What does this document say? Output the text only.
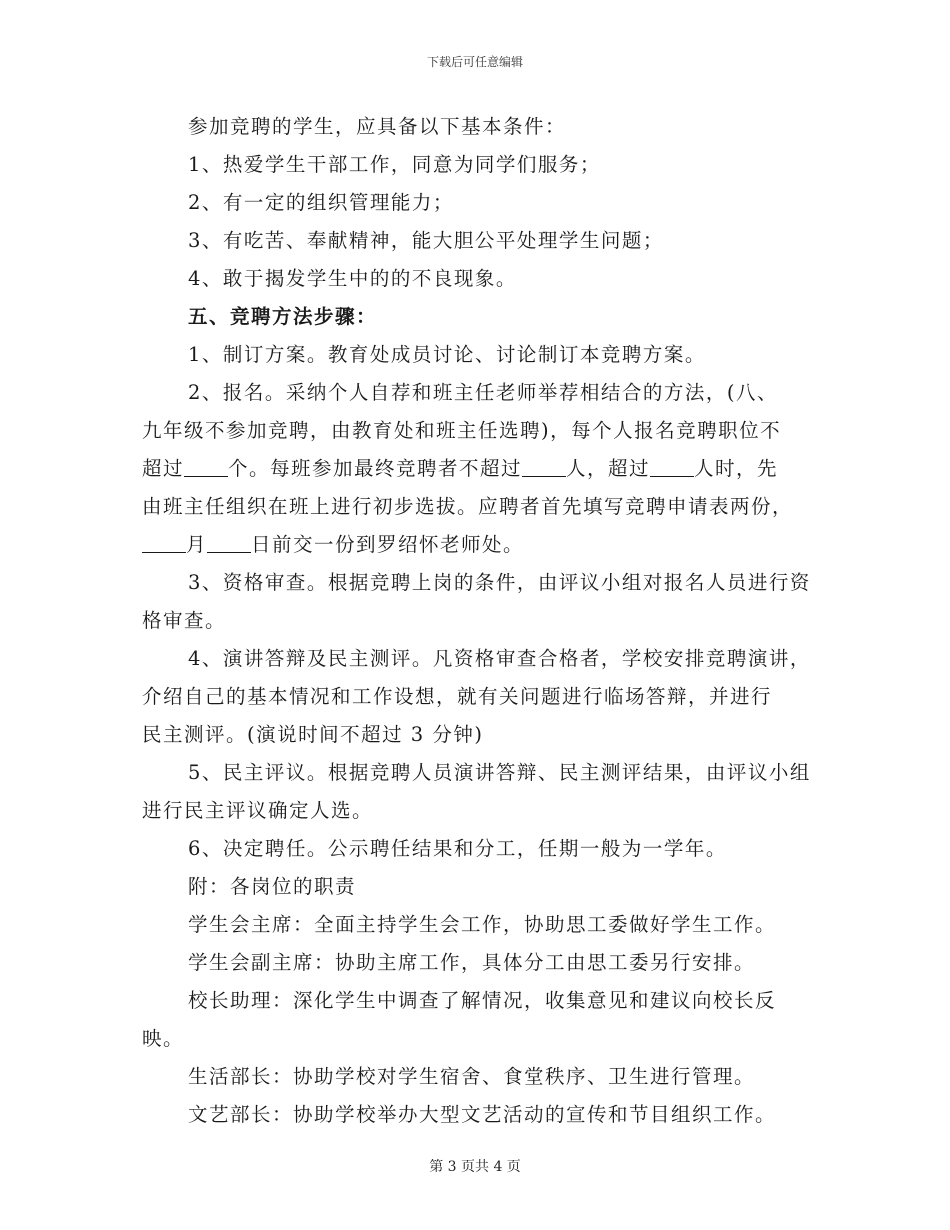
下载后可任意编辑

参加竞聘的学生，应具备以下基本条件：

1、热爱学生干部工作，同意为同学们服务；

2、有一定的组织管理能力；

3、有吃苦、奉献精神，能大胆公平处理学生问题；

4、敢于揭发学生中的的不良现象。

五、竞聘方法步骤：

1、制订方案。教育处成员讨论、讨论制订本竞聘方案。

2、报名。采纳个人自荐和班主任老师举荐相结合的方法，(八、

九年级不参加竞聘，由教育处和班主任选聘)，每个人报名竞聘职位不

超过 个。每班参加最终竞聘者不超过 人，超过 人时，先

由班主任组织在班上进行初步选拔。应聘者首先填写竞聘申请表两份，

月 日前交一份到罗绍怀老师处。

3、资格审查。根据竞聘上岗的条件，由评议小组对报名人员进行资格审查。

4、演讲答辩及民主测评。凡资格审查合格者，学校安排竞聘演讲，

介绍自己的基本情况和工作设想，就有关问题进行临场答辩，并进行

民主测评。(演说时间不超过 3 分钟)

5、民主评议。根据竞聘人员演讲答辩、民主测评结果，由评议小组进行民主评议确定人选。

6、决定聘任。公示聘任结果和分工，任期一般为一学年。

附：各岗位的职责

学生会主席：全面主持学生会工作，协助思工委做好学生工作。

学生会副主席：协助主席工作，具体分工由思工委另行安排。

校长助理：深化学生中调查了解情况，收集意见和建议向校长反映。

生活部长：协助学校对学生宿舍、食堂秩序、卫生进行管理。

文艺部长：协助学校举办大型文艺活动的宣传和节目组织工作。

第 3 页共 4 页
